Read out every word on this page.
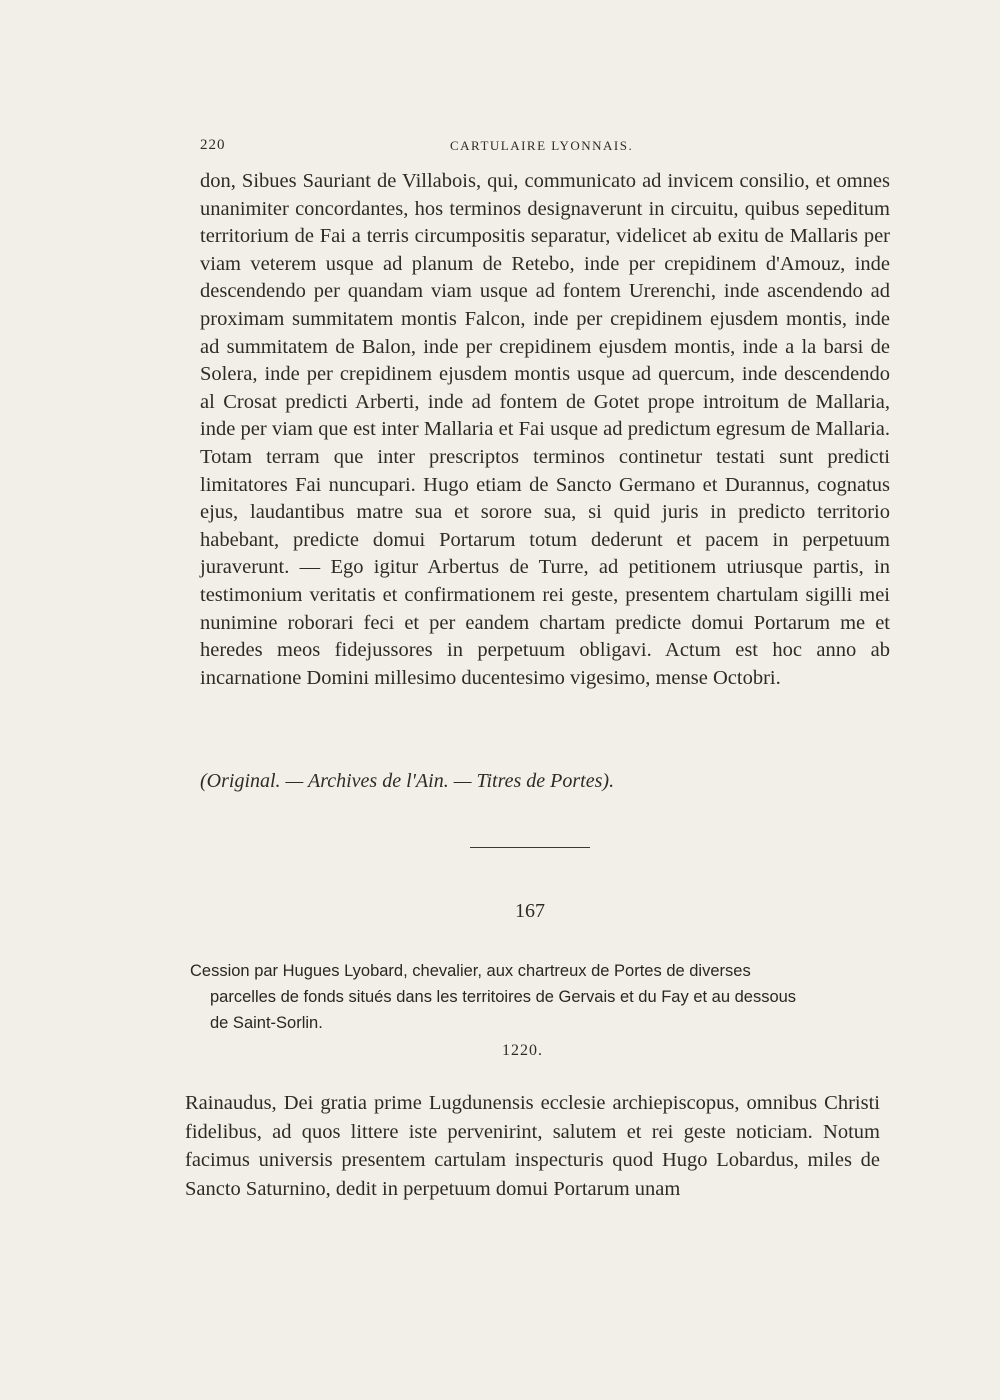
220	CARTULAIRE LYONNAIS.

don, Sibues Sauriant de Villabois, qui, communicato ad invicem consilio, et omnes unanimiter concordantes, hos terminos designaverunt in circuitu, quibus sepeditum territorium de Fai a terris circumpositis separatur, videlicet ab exitu de Mallaris per viam veterem usque ad planum de Retebo, inde per crepidinem d'Amouz, inde descendendo per quandam viam usque ad fontem Urerenchi, inde ascendendo ad proximam summitatem montis Falcon, inde per crepidinem ejusdem montis, inde ad summitatem de Balon, inde per crepidinem ejusdem montis, inde a la barsi de Solera, inde per crepidinem ejusdem montis usque ad quercum, inde descendendo al Crosat predicti Arberti, inde ad fontem de Gotet prope introitum de Mallaria, inde per viam que est inter Mallaria et Fai usque ad predictum egresum de Mallaria. Totam terram que inter prescriptos terminos continetur testati sunt predicti limitatores Fai nuncupari. Hugo etiam de Sancto Germano et Durannus, cognatus ejus, laudantibus matre sua et sorore sua, si quid juris in predicto territorio habebant, predicte domui Portarum totum dederunt et pacem in perpetuum juraverunt. — Ego igitur Arbertus de Turre, ad petitionem utriusque partis, in testimonium veritatis et confirmationem rei geste, presentem chartulam sigilli mei nunimine roborari feci et per eandem chartam predicte domui Portarum me et heredes meos fidejussores in perpetuum obligavi. Actum est hoc anno ab incarnatione Domini millesimo ducentesimo vigesimo, mense Octobri.

(Original. — Archives de l'Ain. — Titres de Portes).
167
Cession par Hugues Lyobard, chevalier, aux chartreux de Portes de diverses
parcelles de fonds situés dans les territoires de Gervais et du Fay et au dessous
de Saint-Sorlin.
1220.

Rainaudus, Dei gratia prime Lugdunensis ecclesie archiepiscopus, omnibus Christi fidelibus, ad quos littere iste pervenirint, salutem et rei geste noticiam. Notum facimus universis presentem cartulam inspecturis quod Hugo Lobardus, miles de Sancto Saturnino, dedit in perpetuum domui Portarum unam
